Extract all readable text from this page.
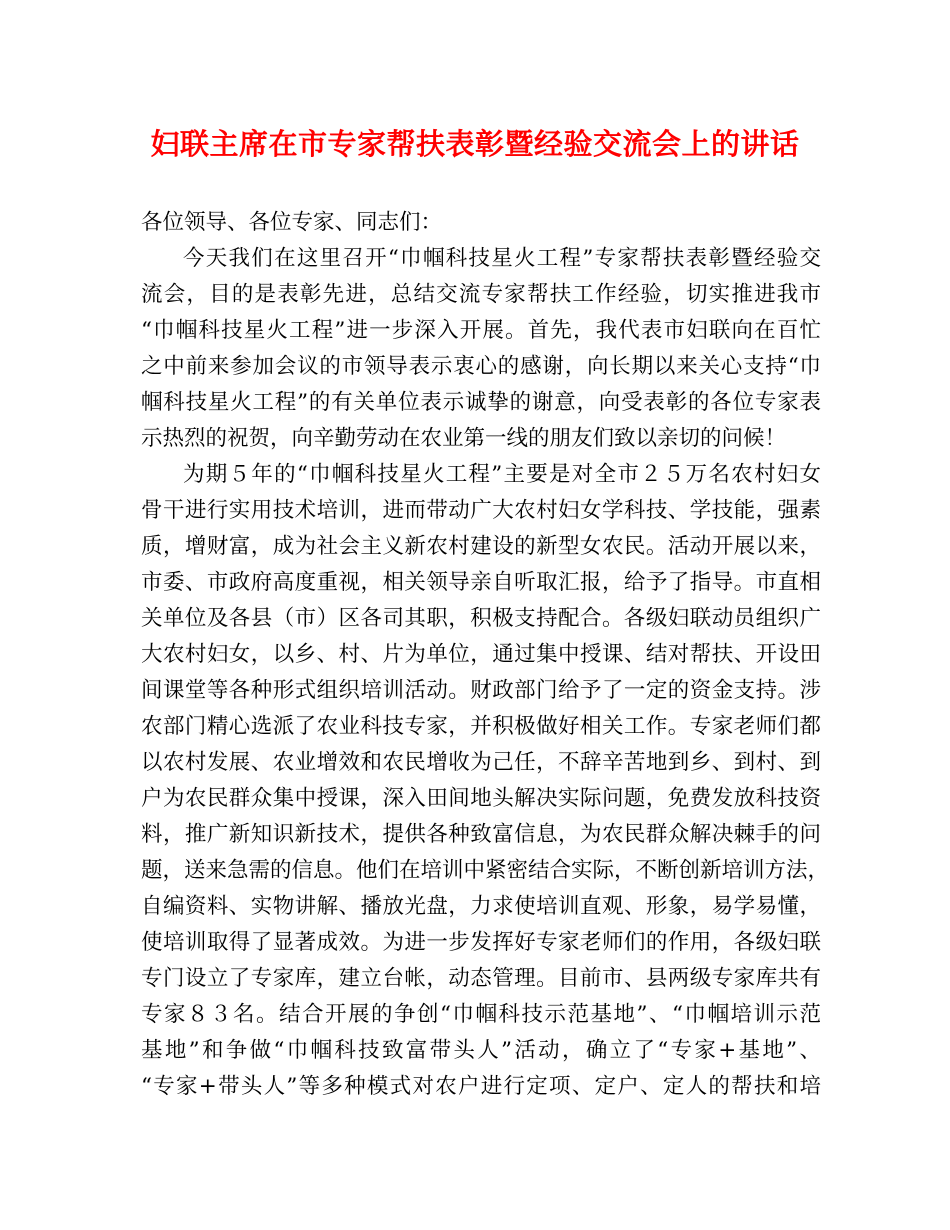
妇联主席在市专家帮扶表彰暨经验交流会上的讲话

各位领导、各位专家、同志们：

今天我们在这里召开“巾帼科技星火工程”专家帮扶表彰暨经验交

流会，目的是表彰先进，总结交流专家帮扶工作经验，切实推进我市

“巾帼科技星火工程”进一步深入开展。首先，我代表市妇联向在百忙

之中前来参加会议的市领导表示衷心的感谢，向长期以来关心支持“巾

帼科技星火工程”的有关单位表示诚挚的谢意，向受表彰的各位专家表

示热烈的祝贺，向辛勤劳动在农业第一线的朋友们致以亲切的问候！

为期５年的“巾帼科技星火工程”主要是对全市２５万名农村妇女

骨干进行实用技术培训，进而带动广大农村妇女学科技、学技能，强素

质，增财富，成为社会主义新农村建设的新型女农民。活动开展以来，

市委、市政府高度重视，相关领导亲自听取汇报，给予了指导。市直相

关单位及各县（市）区各司其职，积极支持配合。各级妇联动员组织广

大农村妇女，以乡、村、片为单位，通过集中授课、结对帮扶、开设田

间课堂等各种形式组织培训活动。财政部门给予了一定的资金支持。涉

农部门精心选派了农业科技专家，并积极做好相关工作。专家老师们都

以农村发展、农业增效和农民增收为己任，不辞辛苦地到乡、到村、到

户为农民群众集中授课，深入田间地头解决实际问题，免费发放科技资

料，推广新知识新技术，提供各种致富信息，为农民群众解决棘手的问

题，送来急需的信息。他们在培训中紧密结合实际，不断创新培训方法，

自编资料、实物讲解、播放光盘，力求使培训直观、形象，易学易懂，

使培训取得了显著成效。为进一步发挥好专家老师们的作用，各级妇联

专门设立了专家库，建立台帐，动态管理。目前市、县两级专家库共有

专家８３名。结合开展的争创“巾帼科技示范基地”、“巾帼培训示范

基地”和争做“巾帼科技致富带头人”活动，确立了“专家+基地”、

“专家+带头人”等多种模式对农户进行定项、定户、定人的帮扶和培
